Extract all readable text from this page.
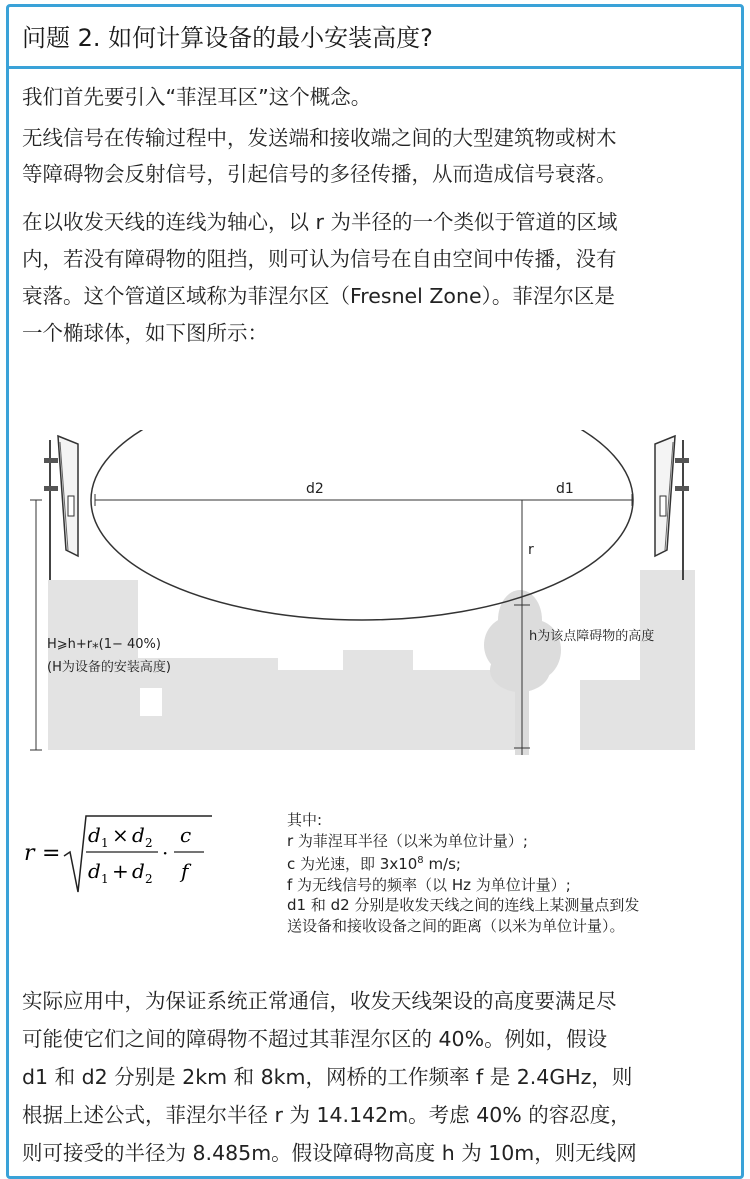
问题 2. 如何计算设备的最小安装高度?
我们首先要引入“菲涅耳区”这个概念。
无线信号在传输过程中，发送端和接收端之间的大型建筑物或树木
等障碍物会反射信号，引起信号的多径传播，从而造成信号衰落。
在以收发天线的连线为轴心，以 r 为半径的一个类似于管道的区域
内，若没有障碍物的阻挡，则可认为信号在自由空间中传播，没有
衰落。这个管道区域称为菲涅尔区（Fresnel Zone）。菲涅尔区是
一个椭球体，如下图所示：
d2	d1
r
H⩾h+r⁎(1− 40%)
(H为设备的安装高度)
h为该点障碍物的高度
r =
d 1 × d 2
d 1 + d 2
·
c
f
其中:
r 为菲涅耳半径（以米为单位计量）;
c 为光速，即 $3x10^8$ m/s;
f 为无线信号的频率（以 Hz 为单位计量）;
d1 和 d2 分别是收发天线之间的连线上某测量点到发
送设备和接收设备之间的距离（以米为单位计量）。
实际应用中，为保证系统正常通信，收发天线架设的高度要满足尽
可能使它们之间的障碍物不超过其菲涅尔区的 40%。例如，假设
d1 和 d2 分别是 2km 和 8km，网桥的工作频率 f 是 2.4GHz，则
根据上述公式，菲涅尔半径 r 为 14.142m。考虑 40% 的容忍度，
则可接受的半径为 8.485m。假设障碍物高度 h 为 10m，则无线网
